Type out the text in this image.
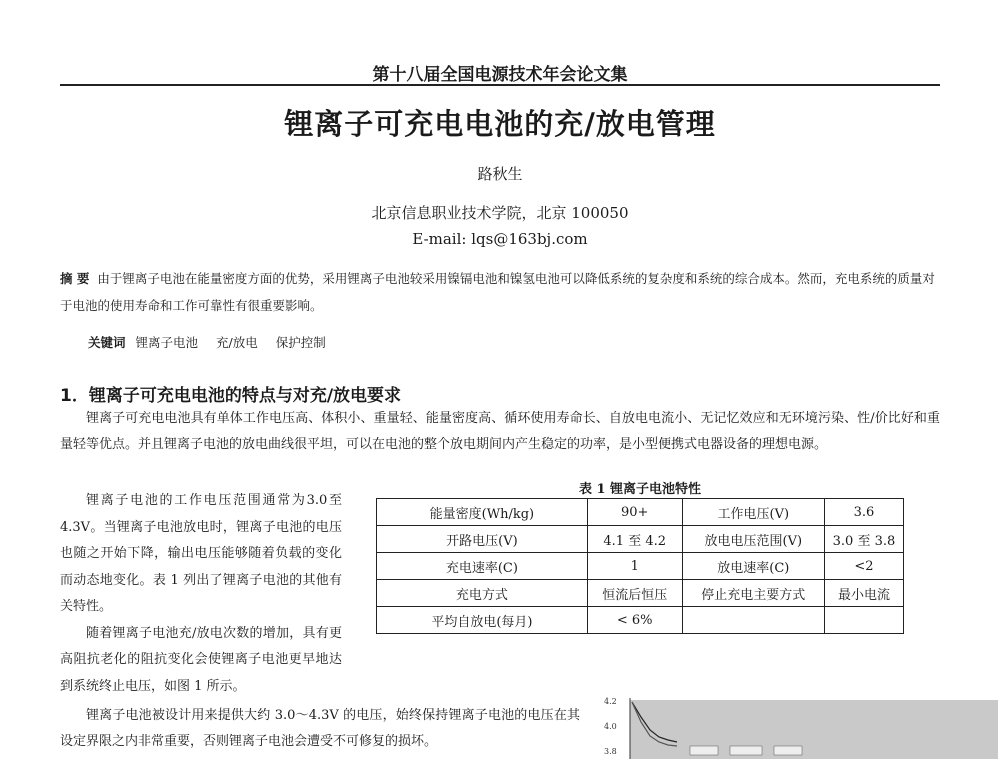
第十八届全国电源技术年会论文集
锂离子可充电电池的充/放电管理
路秋生
北京信息职业技术学院，北京 100050
E-mail: lqs@163bj.com
摘 要 由于锂离子电池在能量密度方面的优势，采用锂离子电池较采用镍镉电池和镍氢电池可以降低系统的复杂度和系统的综合成本。然而，充电系统的质量对于电池的使用寿命和工作可靠性有很重要影响。
关键词 锂离子电池 充/放电 保护控制
1．锂离子可充电电池的特点与对充/放电要求
锂离子可充电电池具有单体工作电压高、体积小、重量轻、能量密度高、循环使用寿命长、自放电电流小、无记忆效应和无环境污染、性/价比好和重量轻等优点。并且锂离子电池的放电曲线很平坦，可以在电池的整个放电期间内产生稳定的功率，是小型便携式电器设备的理想电源。
表 1 锂离子电池特性
能量密度(Wh/kg)	90+	工作电压(V)	3.6
开路电压(V)	4.1 至 4.2	放电电压范围(V)	3.0 至 3.8
充电速率(C)	1	放电速率(C)	<2
充电方式	恒流后恒压	停止充电主要方式	最小电流
平均自放电(每月)	< 6%		

锂离子电池的工作电压范围通常为3.0至4.3V。当锂离子电池放电时，锂离子电池的电压也随之开始下降，输出电压能够随着负载的变化而动态地变化。表 1 列出了锂离子电池的其他有关特性。

随着锂离子电池充/放电次数的增加，具有更高阻抗老化的阻抗变化会使锂离子电池更早地达到系统终止电压，如图 1 所示。

锂离子电池被设计用来提供大约 3.0～4.3V 的电压，始终保持锂离子电池的电压在其设定界限之内非常重要，否则锂离子电池会遭受不可修复的损坏。
4.2
4.0
3.8
